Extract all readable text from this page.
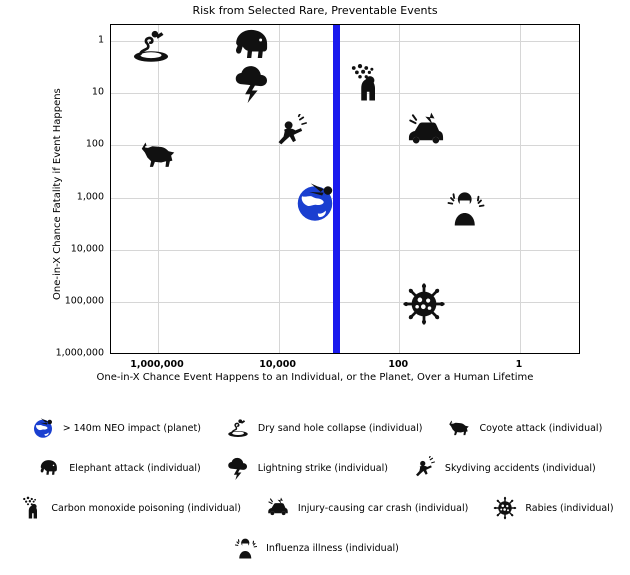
Risk from Selected Rare, Preventable Events
One-in-X Chance Fatality if Event Happens
One-in-X Chance Event Happens to an Individual, or the Planet, Over a Human Lifetime
1
10
100
1,000
10,000
100,000
1,000,000
1,000,000	10,000	100	1
> 140m NEO impact (planet)	Dry sand hole collapse (individual)	Coyote attack (individual)
Elephant attack (individual)	Lightning strike (individual)	Skydiving accidents (individual)
Carbon monoxide poisoning (individual)	Injury-causing car crash (individual)	Rabies (individual)
Influenza illness (individual)
